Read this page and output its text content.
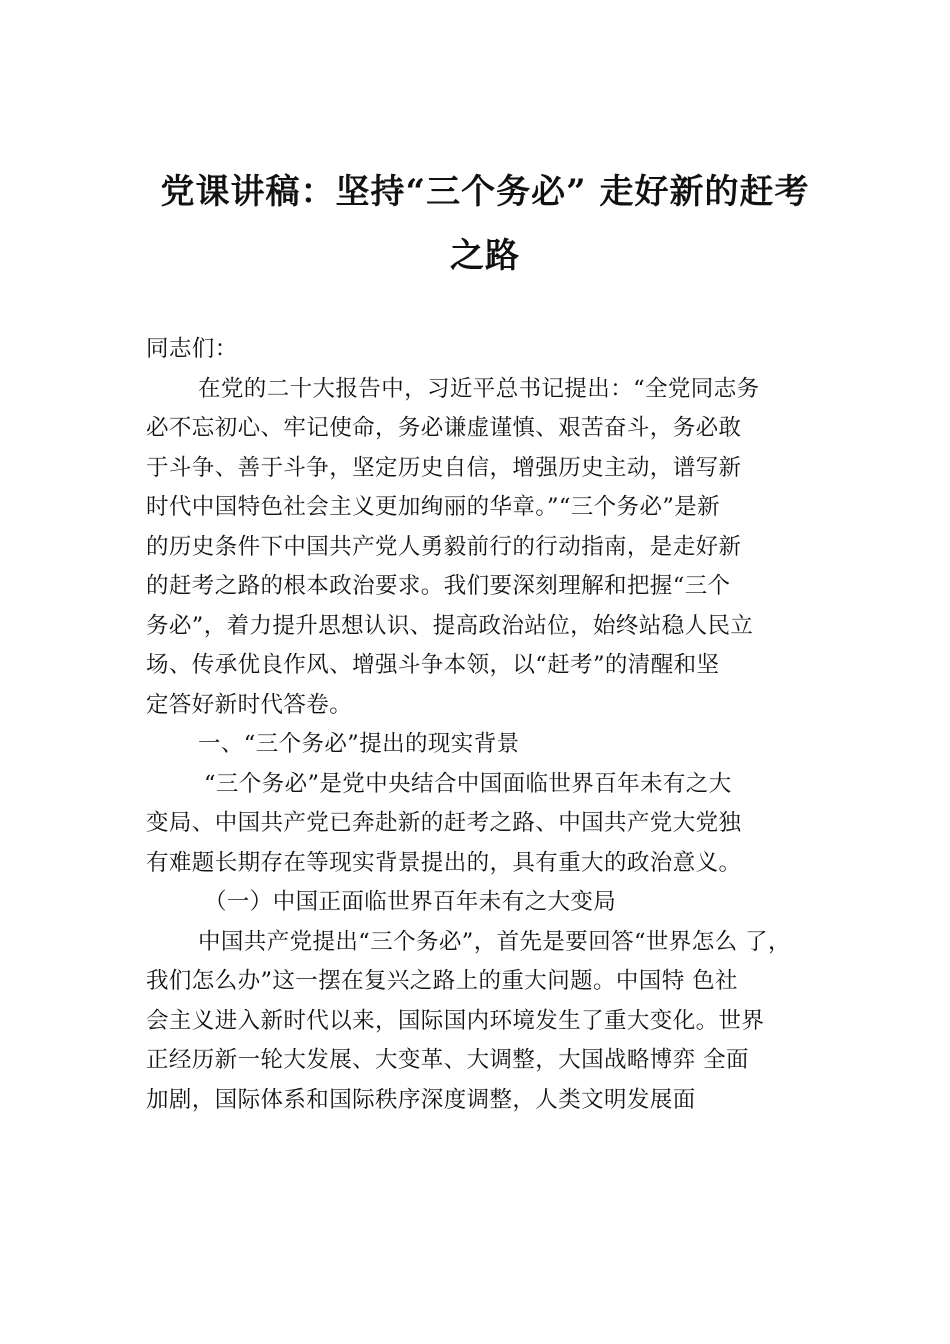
党课讲稿：坚持“三个务必” 走好新的赶考
之路
同志们：
在党的二十大报告中，习近平总书记提出：“全党同志务
必不忘初心、牢记使命，务必谦虚谨慎、艰苦奋斗，务必敢
于斗争、善于斗争，坚定历史自信，增强历史主动，谱写新
时代中国特色社会主义更加绚丽的华章。”“三个务必”是新
的历史条件下中国共产党人勇毅前行的行动指南，是走好新
的赶考之路的根本政治要求。我们要深刻理解和把握“三个
务必”，着力提升思想认识、提高政治站位，始终站稳人民立
场、传承优良作风、增强斗争本领，以“赶考”的清醒和坚
定答好新时代答卷。
一、“三个务必”提出的现实背景
“三个务必”是党中央结合中国面临世界百年未有之大
变局、中国共产党已奔赴新的赶考之路、中国共产党大党独
有难题长期存在等现实背景提出的，具有重大的政治意义。
（一）中国正面临世界百年未有之大变局
中国共产党提出“三个务必”，首先是要回答“世界怎么 了，
我们怎么办”这一摆在复兴之路上的重大问题。中国特 色社
会主义进入新时代以来，国际国内环境发生了重大变化。世界
正经历新一轮大发展、大变革、大调整，大国战略博弈 全面
加剧，国际体系和国际秩序深度调整，人类文明发展面
